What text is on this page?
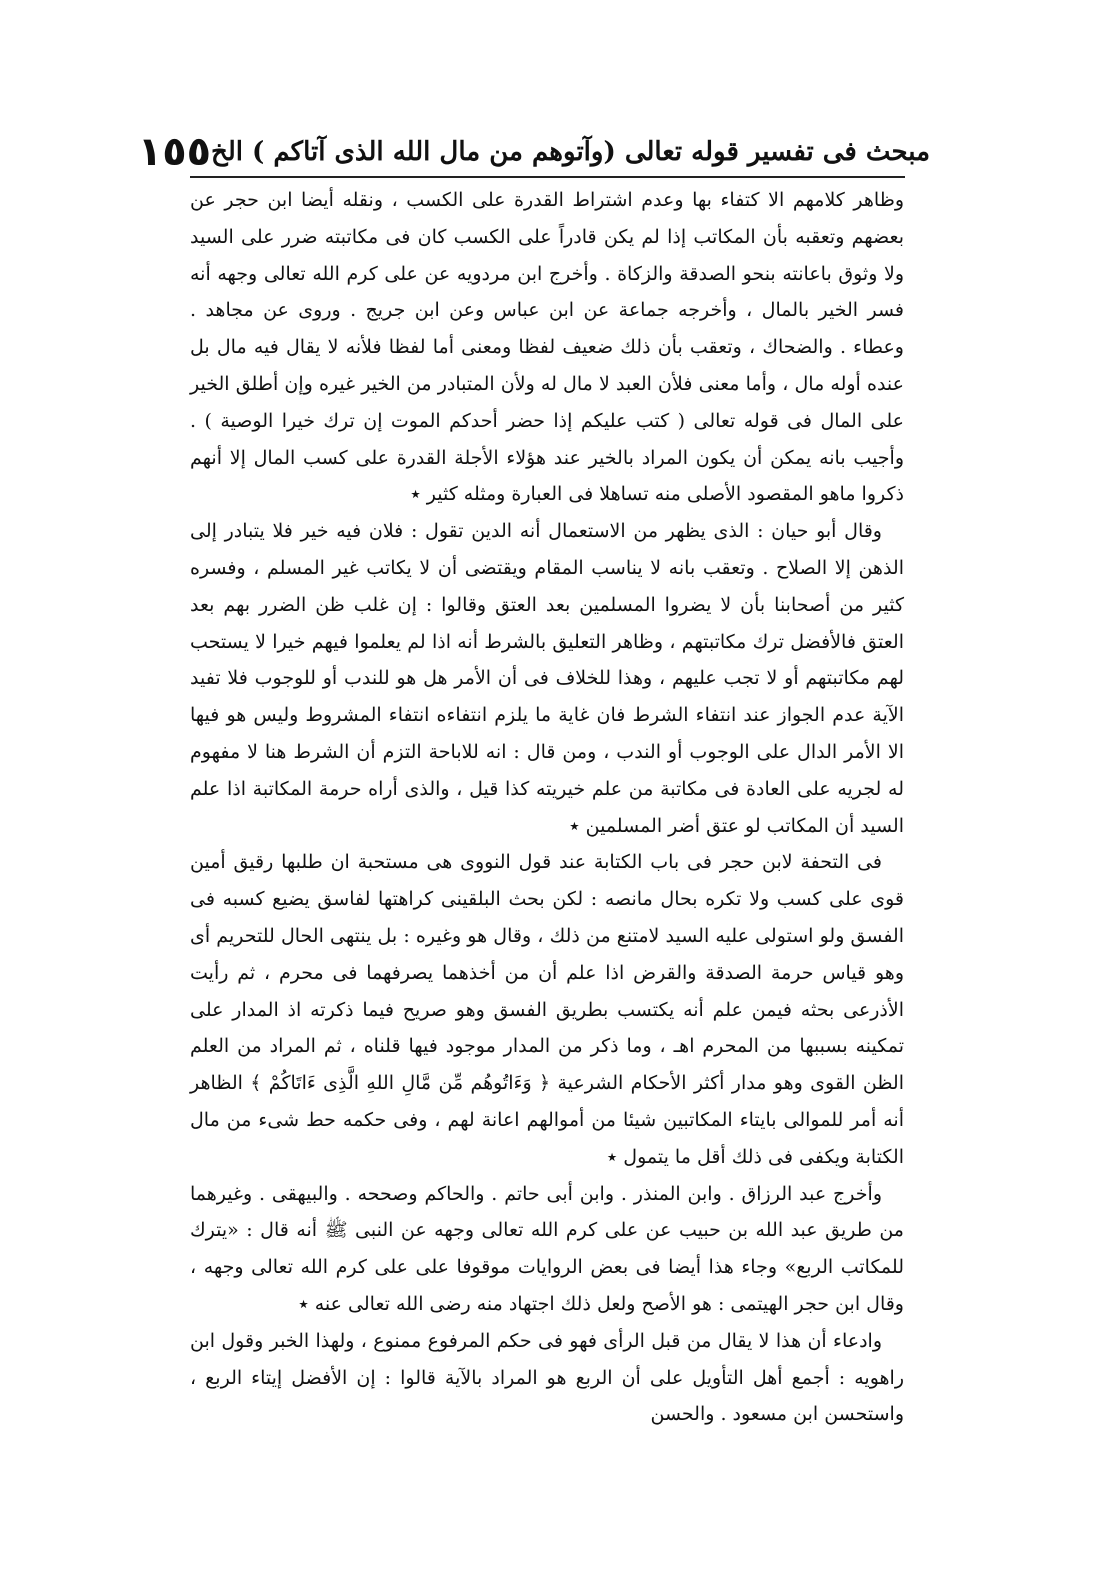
مبحث فى تفسير قوله تعالى (وآتوهم من مال الله الذى آتاكم ) الخ
١٥٥

وظاهر كلامهم الا كتفاء بها وعدم اشتراط القدرة على الكسب ، ونقله أيضا ابن حجر عن بعضهم وتعقبه بأن المكاتب إذا لم يكن قادراً على الكسب كان فى مكاتبته ضرر على السيد ولا وثوق باعانته بنحو الصدقة والزكاة . وأخرج ابن مردويه عن على كرم الله تعالى وجهه أنه فسر الخير بالمال ، وأخرجه جماعة عن ابن عباس وعن ابن جريج . وروى عن مجاهد . وعطاء . والضحاك ، وتعقب بأن ذلك ضعيف لفظا ومعنى أما لفظا فلأنه لا يقال فيه مال بل عنده أوله مال ، وأما معنى فلأن العبد لا مال له ولأن المتبادر من الخير غيره وإن أطلق الخير على المال فى قوله تعالى ( كتب عليكم إذا حضر أحدكم الموت إن ترك خيرا الوصية ) . وأجيب بانه يمكن أن يكون المراد بالخير عند هؤلاء الأجلة القدرة على كسب المال إلا أنهم ذكروا ماهو المقصود الأصلى منه تساهلا فى العبارة ومثله كثير ٭

وقال أبو حيان : الذى يظهر من الاستعمال أنه الدين تقول : فلان فيه خير فلا يتبادر إلى الذهن إلا الصلاح . وتعقب بانه لا يناسب المقام ويقتضى أن لا يكاتب غير المسلم ، وفسره كثير من أصحابنا بأن لا يضروا المسلمين بعد العتق وقالوا : إن غلب ظن الضرر بهم بعد العتق فالأفضل ترك مكاتبتهم ، وظاهر التعليق بالشرط أنه اذا لم يعلموا فيهم خيرا لا يستحب لهم مكاتبتهم أو لا تجب عليهم ، وهذا للخلاف فى أن الأمر هل هو للندب أو للوجوب فلا تفيد الآية عدم الجواز عند انتفاء الشرط فان غاية ما يلزم انتفاءه انتفاء المشروط وليس هو فيها الا الأمر الدال على الوجوب أو الندب ، ومن قال : انه للاباحة التزم أن الشرط هنا لا مفهوم له لجريه على العادة فى مكاتبة من علم خيريته كذا قيل ، والذى أراه حرمة المكاتبة اذا علم السيد أن المكاتب لو عتق أضر المسلمين ٭

فى التحفة لابن حجر فى باب الكتابة عند قول النووى هى مستحبة ان طلبها رقيق أمين قوى على كسب ولا تكره بحال مانصه : لكن بحث البلقينى كراهتها لفاسق يضيع كسبه فى الفسق ولو استولى عليه السيد لامتنع من ذلك ، وقال هو وغيره : بل ينتهى الحال للتحريم أى وهو قياس حرمة الصدقة والقرض اذا علم أن من أخذهما يصرفهما فى محرم ، ثم رأيت الأذرعى بحثه فيمن علم أنه يكتسب بطريق الفسق وهو صريح فيما ذكرته اذ المدار على تمكينه بسببها من المحرم اهـ ، وما ذكر من المدار موجود فيها قلناه ، ثم المراد من العلم الظن القوى وهو مدار أكثر الأحكام الشرعية ﴿ وَءَاتُوهُم مِّن مَّالِ اللهِ الَّذِى ءَاتَاكُمْ ﴾ الظاهر أنه أمر للموالى بايتاء المكاتبين شيئا من أموالهم اعانة لهم ، وفى حكمه حط شىء من مال الكتابة ويكفى فى ذلك أقل ما يتمول ٭

وأخرج عبد الرزاق . وابن المنذر . وابن أبى حاتم . والحاكم وصححه . والبيهقى . وغيرهما من طريق عبد الله بن حبيب عن على كرم الله تعالى وجهه عن النبى ﷺ أنه قال : «يترك للمكاتب الربع» وجاء هذا أيضا فى بعض الروايات موقوفا على على كرم الله تعالى وجهه ، وقال ابن حجر الهيتمى : هو الأصح ولعل ذلك اجتهاد منه رضى الله تعالى عنه ٭

وادعاء أن هذا لا يقال من قبل الرأى فهو فى حكم المرفوع ممنوع ، ولهذا الخبر وقول ابن راهويه : أجمع أهل التأويل على أن الربع هو المراد بالآية قالوا : إن الأفضل إيتاء الربع ، واستحسن ابن مسعود . والحسن
